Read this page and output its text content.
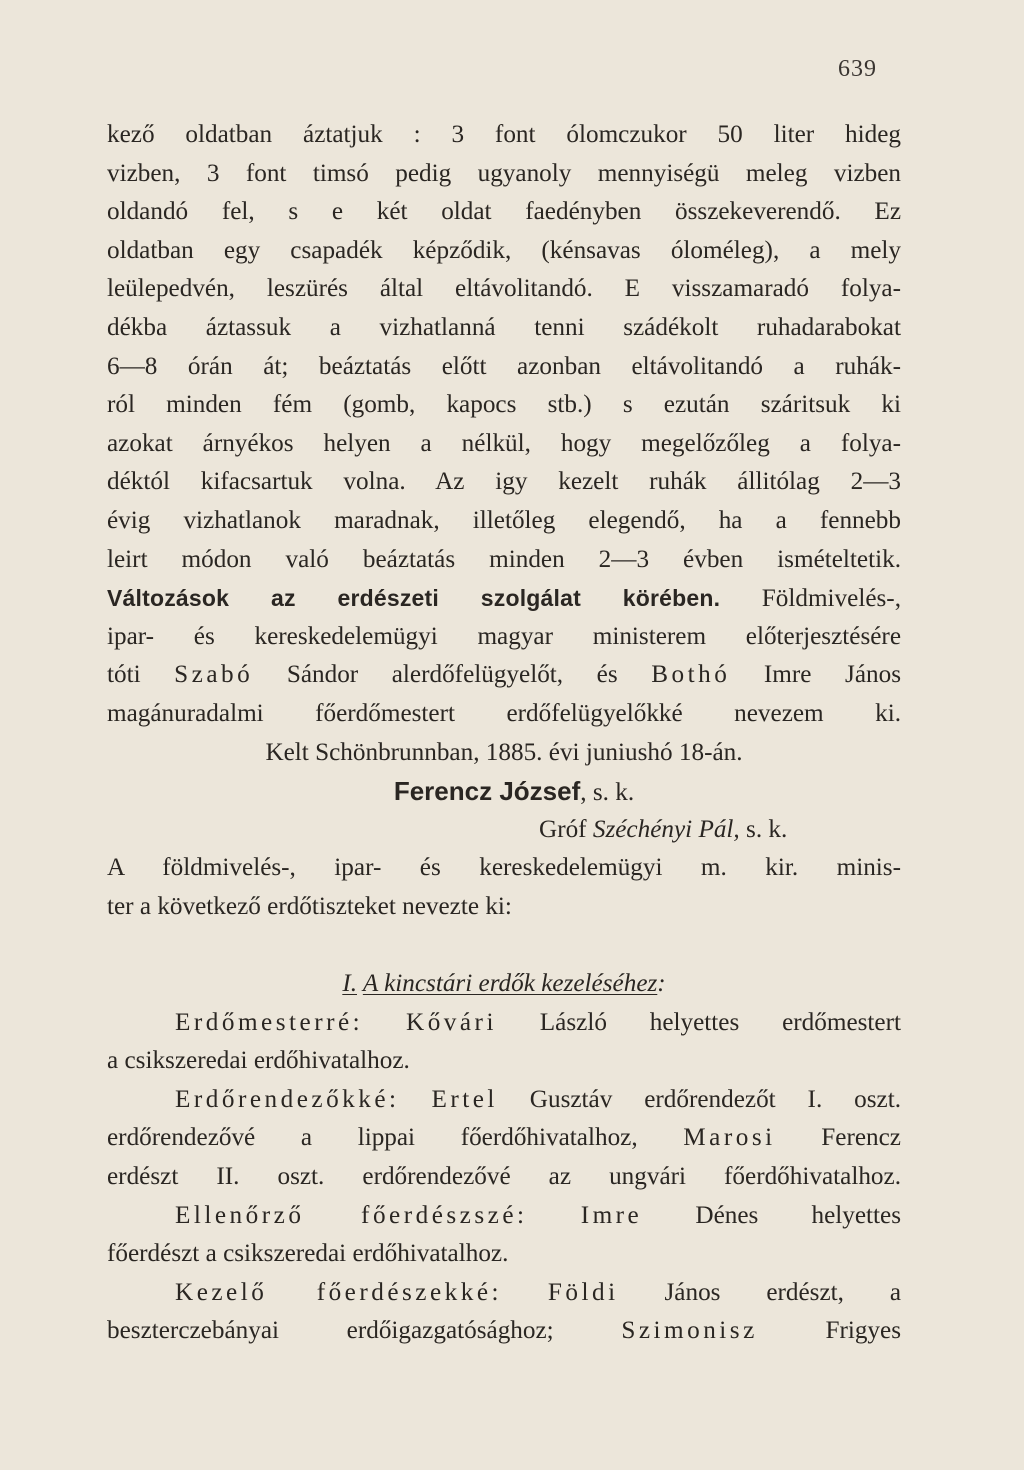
639
kező oldatban áztatjuk : 3 font ólomczukor 50 liter hideg
vizben, 3 font timsó pedig ugyanoly mennyiségü meleg vizben
oldandó fel, s e két oldat faedényben összekeverendő. Ez
oldatban egy csapadék képződik, (kénsavas óloméleg), a mely
leülepedvén, leszürés által eltávolitandó. E visszamaradó folya-
dékba áztassuk a vizhatlanná tenni szádékolt ruhadarabokat
6—8 órán át; beáztatás előtt azonban eltávolitandó a ruhák-
ról minden fém (gomb, kapocs stb.) s ezután száritsuk ki
azokat árnyékos helyen a nélkül, hogy megelőzőleg a folya-
déktól kifacsartuk volna. Az igy kezelt ruhák állitólag 2—3
évig vizhatlanok maradnak, illetőleg elegendő, ha a fennebb
leirt módon való beáztatás minden 2—3 évben ismételtetik.
Változások az erdészeti szolgálat körében. Földmivelés-,
ipar- és kereskedelemügyi magyar ministerem előterjesztésére
tóti Szabó Sándor alerdőfelügyelőt, és Bothó Imre János
magánuradalmi főerdőmestert erdőfelügyelőkké nevezem ki.
Kelt Schönbrunnban, 1885. évi juniushó 18-án.
Ferencz József, s. k.
Gróf Széchényi Pál, s. k.
A földmivelés-, ipar- és kereskedelemügyi m. kir. minis-
ter a következő erdőtiszteket nevezte ki:
I. A kincstári erdők kezeléséhez:
Erdőmesterré: Kővári László helyettes erdőmestert
a csikszeredai erdőhivatalhoz.
Erdőrendezőkké: Ertel Gusztáv erdőrendezőt I. oszt.
erdőrendezővé a lippai főerdőhivatalhoz, Marosi Ferencz
erdészt II. oszt. erdőrendezővé az ungvári főerdőhivatalhoz.
Ellenőrző főerdészszé: Imre Dénes helyettes
főerdészt a csikszeredai erdőhivatalhoz.
Kezelő főerdészekké: Földi János erdészt, a
beszterczebányai erdőigazgatósághoz;	Szimonisz	Frigyes
